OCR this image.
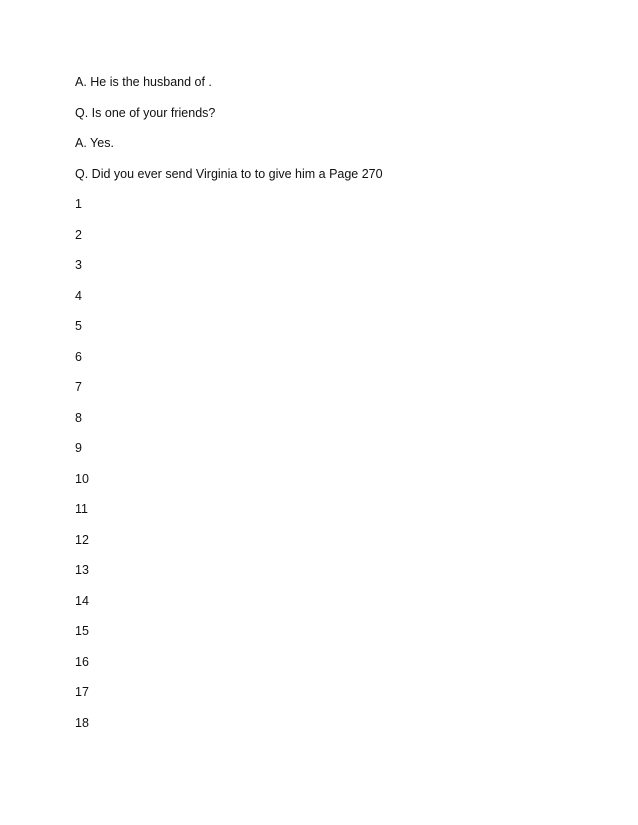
A. He is the husband of .
Q. Is one of your friends?
A. Yes.
Q. Did you ever send Virginia to to give him a Page 270
1
2
3
4
5
6
7
8
9
10
11
12
13
14
15
16
17
18
